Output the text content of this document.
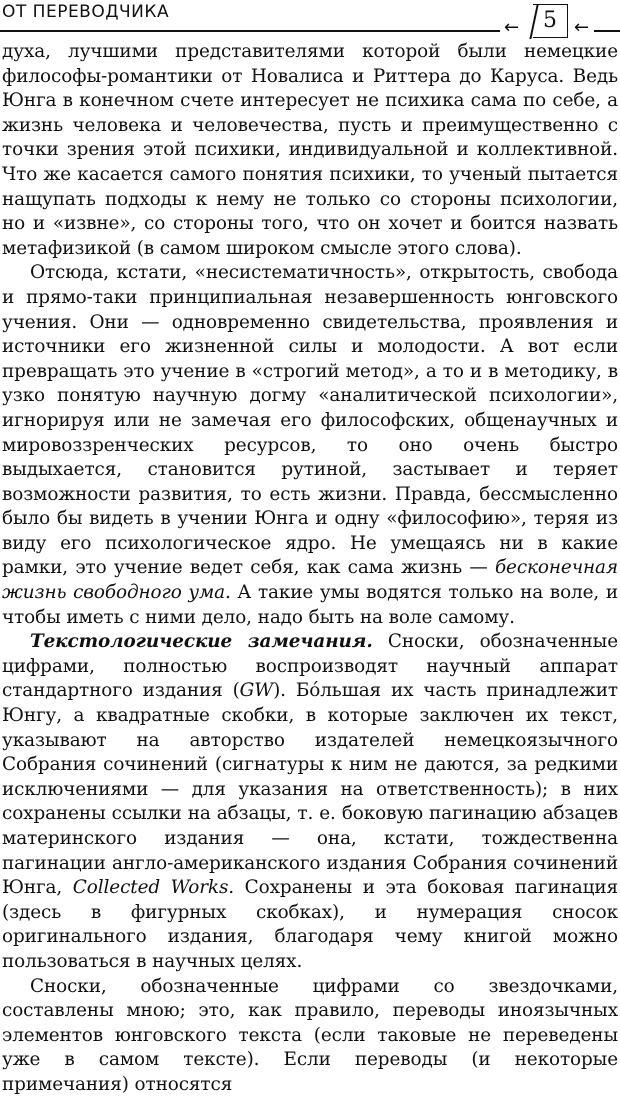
ОТ ПЕРЕВОДЧИКА
←	5 ←

духа, лучшими представителями которой были немецкие философы-романтики от Новалиса и Риттера до Каруса. Ведь Юнга в конечном счете интересует не психика сама по себе, а жизнь человека и человечества, пусть и преимущественно с точки зрения этой психики, индивидуальной и коллективной. Что же касается самого понятия психики, то ученый пытается нащупать подходы к нему не только со стороны психологии, но и «извне», со стороны того, что он хочет и боится назвать метафизикой (в самом широком смысле этого слова).

Отсюда, кстати, «несистематичность», открытость, свобода и прямо-таки принципиальная незавершенность юнговского учения. Они — одновременно свидетельства, проявления и источники его жизненной силы и молодости. А вот если превращать это учение в «строгий метод», а то и в методику, в узко понятую научную догму «аналитической психологии», игнорируя или не замечая его философских, общенаучных и мировоззренческих ресурсов, то оно очень быстро выдыхается, становится рутиной, застывает и теряет возможности развития, то есть жизни. Правда, бессмысленно было бы видеть в учении Юнга и одну «философию», теряя из виду его психологическое ядро. Не умещаясь ни в какие рамки, это учение ведет себя, как сама жизнь — бесконечная жизнь свободного ума. А такие умы водятся только на воле, и чтобы иметь с ними дело, надо быть на воле самому.

Текстологические замечания. Сноски, обозначенные цифрами, полностью воспроизводят научный аппарат стандартного издания (GW). Бóльшая их часть принадлежит Юнгу, а квадратные скобки, в которые заключен их текст, указывают на авторство издателей немецкоязычного Собрания сочинений (сигнатуры к ним не даются, за редкими исключениями — для указания на ответственность); в них сохранены ссылки на абзацы, т. е. боковую пагинацию абзацев материнского издания — она, кстати, тождественна пагинации англо-американского издания Собрания сочинений Юнга, Collected Works. Сохранены и эта боковая пагинация (здесь в фигурных скобках), и нумерация сносок оригинального издания, благодаря чему книгой можно пользоваться в научных целях.

Сноски, обозначенные цифрами со звездочками, составлены мною; это, как правило, переводы иноязычных элементов юнговского текста (если таковые не переведены уже в самом тексте). Если переводы (и некоторые примечания) относятся
